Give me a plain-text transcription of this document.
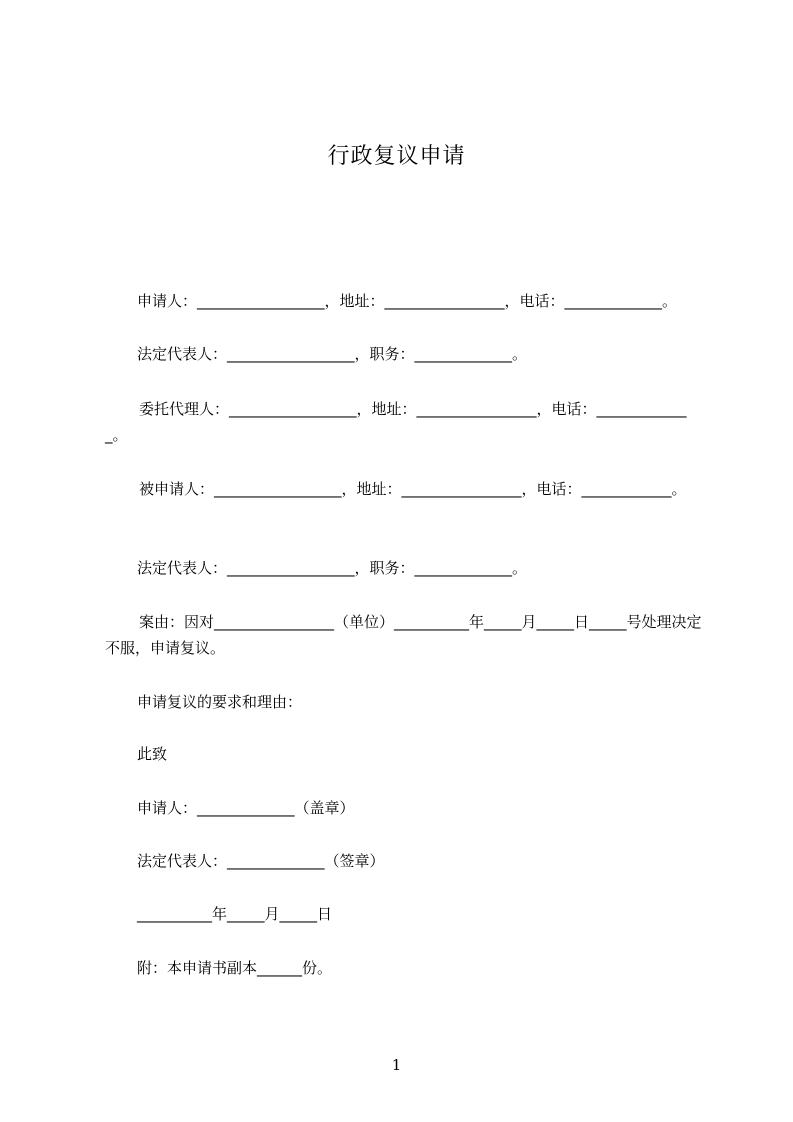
行政复议申请
申请人：_________________，地址：________________，电话：_____________。
法定代表人：_________________，职务：_____________。
委托代理人：_________________，地址：________________，电话：_____________。
被申请人：_________________，地址：________________，电话：____________。
法定代表人：_________________，职务：_____________。
案由：因对________________（单位）__________年_____月_____日_____号处理决定不服，申请复议。
申请复议的要求和理由：
此致
申请人：_____________（盖章）
法定代表人：_____________（签章）
__________年_____月_____日
附：本申请书副本______份。
1
